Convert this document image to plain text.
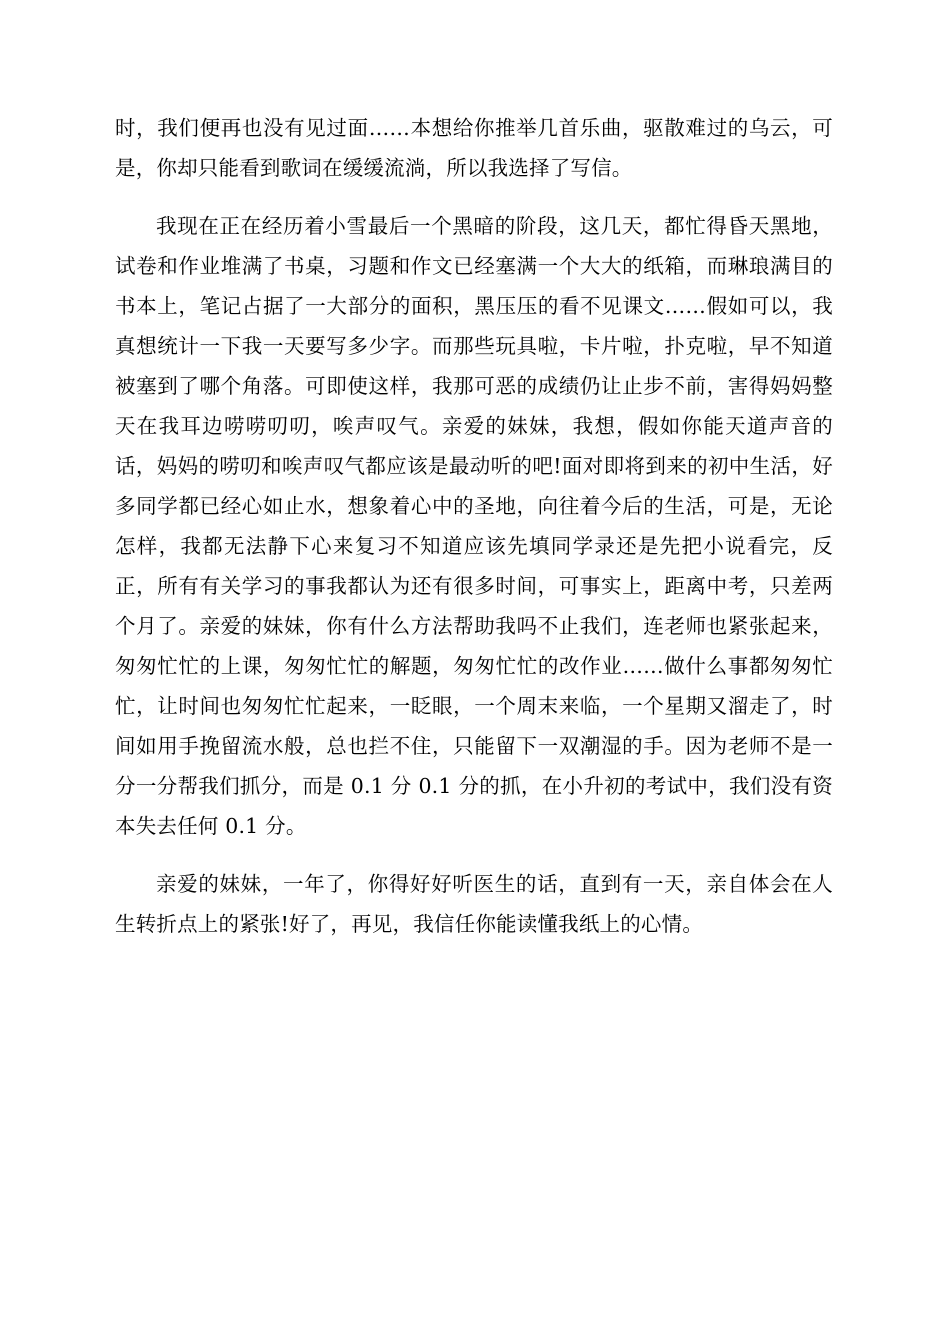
时，我们便再也没有见过面……本想给你推举几首乐曲，驱散难过的乌云，可是，你却只能看到歌词在缓缓流淌，所以我选择了写信。

我现在正在经历着小雪最后一个黑暗的阶段，这几天，都忙得昏天黑地，试卷和作业堆满了书桌，习题和作文已经塞满一个大大的纸箱，而琳琅满目的书本上，笔记占据了一大部分的面积，黑压压的看不见课文……假如可以，我真想统计一下我一天要写多少字。而那些玩具啦，卡片啦，扑克啦，早不知道被塞到了哪个角落。可即使这样，我那可恶的成绩仍让止步不前，害得妈妈整天在我耳边唠唠叨叨，唉声叹气。亲爱的妹妹，我想，假如你能天道声音的话，妈妈的唠叨和唉声叹气都应该是最动听的吧!面对即将到来的初中生活，好多同学都已经心如止水，想象着心中的圣地，向往着今后的生活，可是，无论怎样，我都无法静下心来复习不知道应该先填同学录还是先把小说看完，反正，所有有关学习的事我都认为还有很多时间，可事实上，距离中考，只差两个月了。亲爱的妹妹，你有什么方法帮助我吗不止我们，连老师也紧张起来，匆匆忙忙的上课，匆匆忙忙的解题，匆匆忙忙的改作业……做什么事都匆匆忙忙，让时间也匆匆忙忙起来，一眨眼，一个周末来临，一个星期又溜走了，时间如用手挽留流水般，总也拦不住，只能留下一双潮湿的手。因为老师不是一分一分帮我们抓分，而是 0.1 分 0.1 分的抓，在小升初的考试中，我们没有资本失去任何 0.1 分。

亲爱的妹妹，一年了，你得好好听医生的话，直到有一天，亲自体会在人生转折点上的紧张!好了，再见，我信任你能读懂我纸上的心情。
